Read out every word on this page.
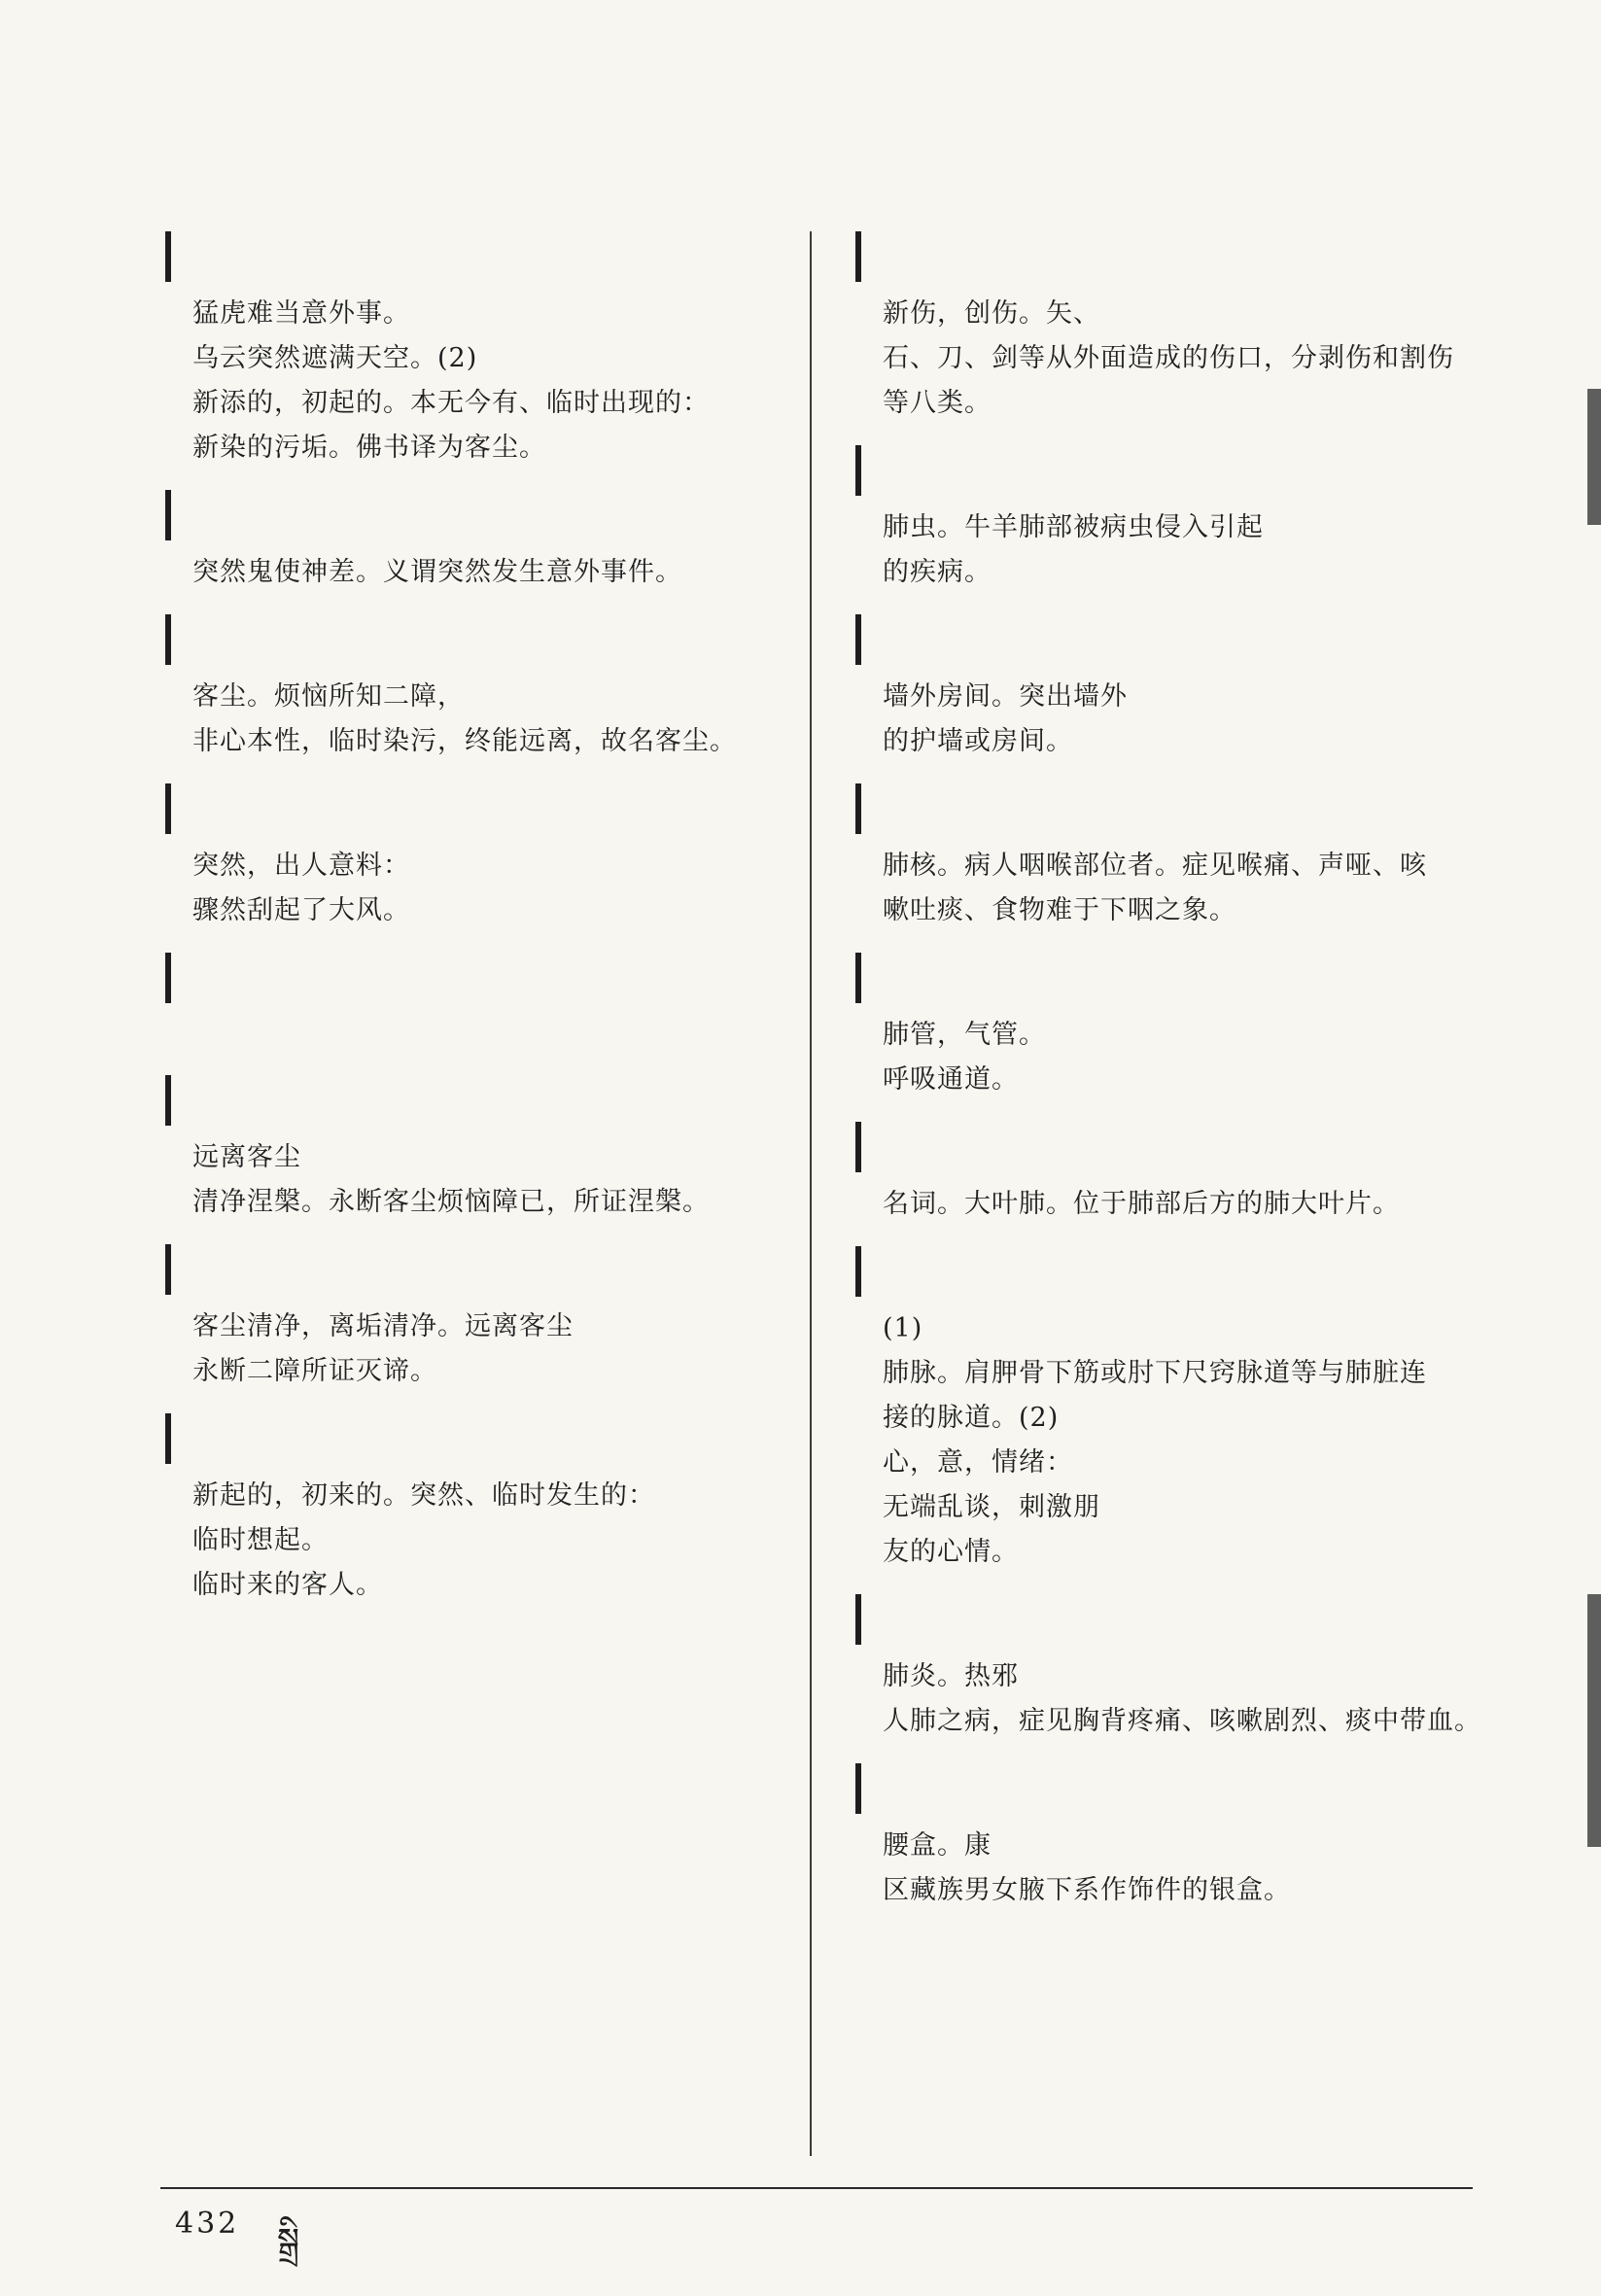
猛虎难当意外事。

乌云突然遮满天空。(2)

新添的，初起的。本无今有、临时出现的：

新染的污垢。佛书译为客尘。

突然鬼使神差。义谓突然发生意外事件。

客尘。烦恼所知二障，

非心本性，临时染污，终能远离，故名客尘。

突然，出人意料：

骤然刮起了大风。

远离客尘

清净涅槃。永断客尘烦恼障已，所证涅槃。

客尘清净，离垢清净。远离客尘

永断二障所证灭谛。

新起的，初来的。突然、临时发生的：

临时想起。

临时来的客人。

新伤，创伤。矢、

石、刀、剑等从外面造成的伤口，分剥伤和割伤

等八类。

肺虫。牛羊肺部被病虫侵入引起

的疾病。

墙外房间。突出墙外

的护墙或房间。

肺核。病人咽喉部位者。症见喉痛、声哑、咳

嗽吐痰、食物难于下咽之象。

肺管，气管。

呼吸通道。

名词。大叶肺。位于肺部后方的肺大叶片。

(1)

肺脉。肩胛骨下筋或肘下尺窍脉道等与肺脏连

接的脉道。(2)

心，意，情绪：

无端乱谈，刺激朋

友的心情。

肺炎。热邪

人肺之病，症见胸背疼痛、咳嗽剧烈、痰中带血。

腰盒。康

区藏族男女腋下系作饰件的银盒。

432 སྒྲི
